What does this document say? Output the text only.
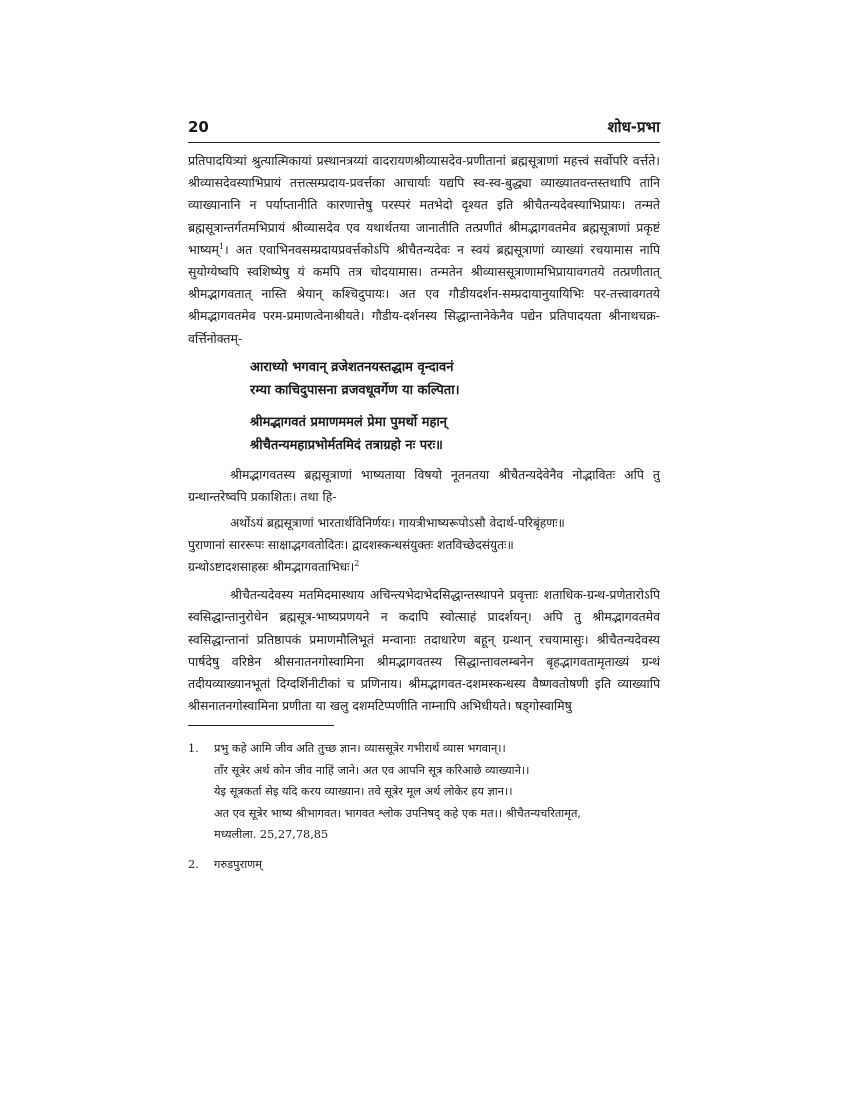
20	शोध-प्रभा

प्रतिपादयित्र्यां श्रुत्यात्मिकायां प्रस्थानत्रय्यां वादरायणश्रीव्यासदेव-प्रणीतानां ब्रह्मसूत्राणां महत्त्वं सर्वोपरि वर्त्तते। श्रीव्यासदेवस्याभिप्रायं तत्तत्सम्प्रदाय-प्रवर्त्तका आचार्याः यद्यपि स्व-स्व-बुद्ध्या व्याख्यातवन्तस्तथापि तानि व्याख्यानानि न पर्याप्तानीति कारणात्तेषु परस्परं मतभेदो दृश्यत इति श्रीचैतन्यदेवस्याभिप्रायः। तन्मते ब्रह्मसूत्रान्तर्गतमभिप्रायं श्रीव्यासदेव एव यथार्थतया जानातीति तत्प्रणीतं श्रीमद्भागवतमेव ब्रह्मसूत्राणां प्रकृष्टं भाष्यम्$^1$। अत एवाभिनवसम्प्रदायप्रवर्त्तकोऽपि श्रीचैतन्यदेवः न स्वयं ब्रह्मसूत्राणां व्याख्यां रचयामास नापि सुयोग्येष्वपि स्वशिष्येषु यं कमपि तत्र चोदयामास। तन्मतेन श्रीव्याससूत्राणामभिप्रायावगतये तत्प्रणीतात् श्रीमद्भागवतात् नास्ति श्रेयान् कश्चिदुपायः। अत एव गौडीयदर्शन-सम्प्रदायानुयायिभिः पर-तत्त्वावगतये श्रीमद्भागवतमेव परम-प्रमाणत्वेनाश्रीयते। गौडीय-दर्शनस्य सिद्धान्तानेकेनैव पद्येन प्रतिपादयता श्रीनाथचक्र-वर्त्तिनोक्तम्-

आराध्यो भगवान् व्रजेशतनयस्तद्धाम वृन्दावनं
रम्या काचिदुपासना व्रजवधूवर्गेण या कल्पिता।
श्रीमद्भागवतं प्रमाणममलं प्रेमा पुमर्थो महान्
श्रीचैतन्यमहाप्रभोर्मतमिदं तत्राग्रहो नः परः॥

श्रीमद्भागवतस्य ब्रह्मसूत्राणां भाष्यताया विषयो नूतनतया श्रीचैतन्यदेवेनैव नोद्भावितः अपि तु ग्रन्थान्तरेष्वपि प्रकाशितः। तथा हि-

अर्थोऽयं ब्रह्मसूत्राणां भारतार्थविनिर्णयः। गायत्रीभाष्यरूपोऽसौ वेदार्थ-परिबृंहणः॥
पुराणानां साररूपः साक्षाद्भगवतोदितः। द्वादशस्कन्धसंयुक्तः शतविच्छेदसंयुतः॥
ग्रन्थोऽष्टादशसाहस्रः श्रीमद्भागवताभिधः।$^2$

श्रीचैतन्यदेवस्य मतमिदमास्थाय अचिन्त्यभेदाभेदसिद्धान्तस्थापने प्रवृत्ताः शताधिक-ग्रन्थ-प्रणेतारोऽपि स्वसिद्धान्तानुरोधेन ब्रह्मसूत्र-भाष्यप्रणयने न कदापि स्वोत्साहं प्रादर्शयन्। अपि तु श्रीमद्भागवतमेव स्वसिद्धान्तानां प्रतिष्ठापकं प्रमाणमौलिभूतं मन्वानाः तदाधारेण बहून् ग्रन्थान् रचयामासुः। श्रीचैतन्यदेवस्य पार्षदेषु वरिष्ठेन श्रीसनातनगोस्वामिना श्रीमद्भागवतस्य सिद्धान्तावलम्बनेन बृहद्भागवतामृताख्यं ग्रन्थं तदीयव्याख्यानभूतां दिग्दर्शिनीटीकां च प्रणिनाय। श्रीमद्भागवत-दशमस्कन्धस्य वैष्णवतोषणी इति व्याख्यापि श्रीसनातनगोस्वामिना प्रणीता या खलु दशमटिप्पणीति नाम्नापि अभिधीयते। षड्गोस्वामिषु

1. प्रभु कहे आमि जीव अति तुच्छ ज्ञान। व्याससूत्रेर गभीरार्थ व्यास भगवान्।।
ताँर सूत्रेर अर्थ कोन जीव नाहिं जाने। अत एव आपनि सूत्र करिआछे व्याख्याने।।
येइ सूत्रकर्ता सेइ यदि करय व्याख्यान। तवे सूत्रेर मूल अर्थ लोकेर हय ज्ञान।।
अत एव सूत्रेर भाष्य श्रीभागवत। भागवत श्लोक उपनिषद् कहे एक मत।। श्रीचैतन्यचरितामृत,
मध्यलीला. 25,27,78,85
2. गरुडपुराणम्
